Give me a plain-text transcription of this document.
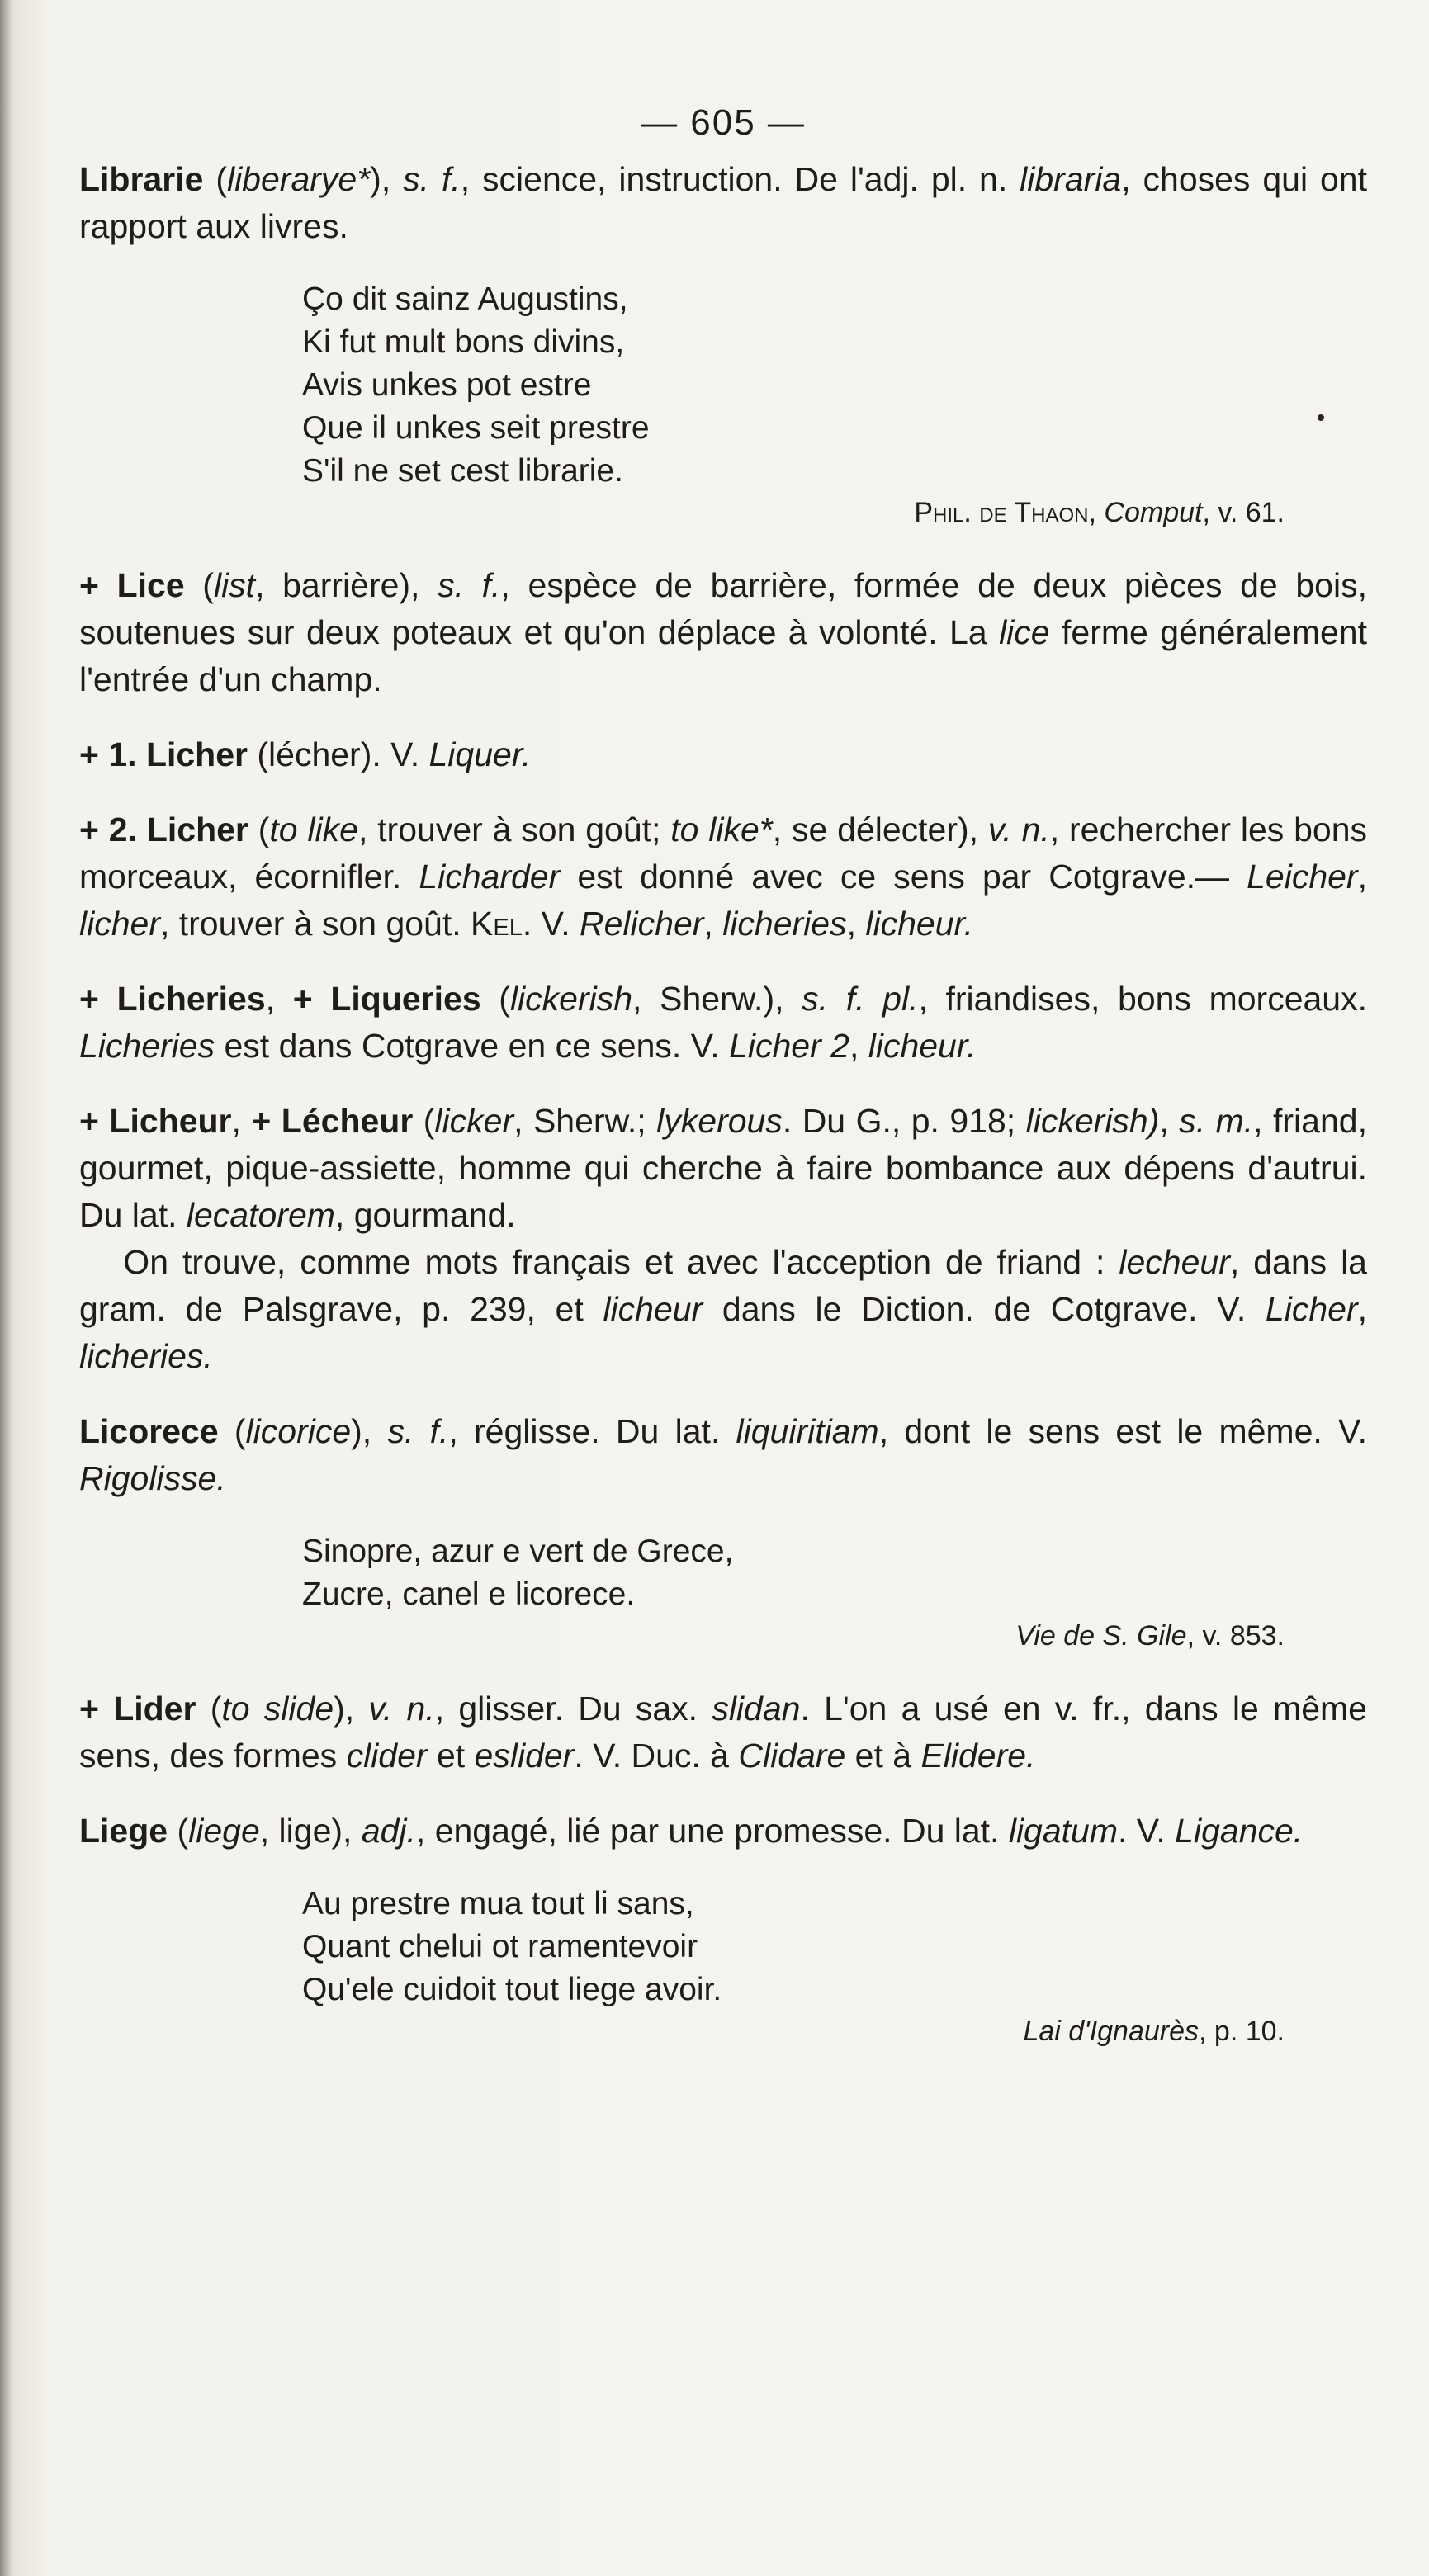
— 605 —

Librarie (liberarye*), s. f., science, instruction. De l'adj. pl. n. libraria, choses qui ont rapport aux livres.

Ço dit sainz Augustins,
Ki fut mult bons divins,
Avis unkes pot estre
Que il unkes seit prestre
S'il ne set cest librarie.
Phil. de Thaon, Comput, v. 61.

+ Lice (list, barrière), s. f., espèce de barrière, formée de deux pièces de bois, soutenues sur deux poteaux et qu'on déplace à volonté. La lice ferme généralement l'entrée d'un champ.

+ 1. Licher (lécher). V. Liquer.

+ 2. Licher (to like, trouver à son goût; to like*, se délecter), v. n., rechercher les bons morceaux, écornifler. Licharder est donné avec ce sens par Cotgrave.— Leicher, licher, trouver à son goût. Kel. V. Relicher, licheries, licheur.

+ Licheries, + Liqueries (lickerish, Sherw.), s. f. pl., friandises, bons morceaux. Licheries est dans Cotgrave en ce sens. V. Licher 2, licheur.

+ Licheur, + Lécheur (licker, Sherw.; lykerous. Du G., p. 918; lickerish), s. m., friand, gourmet, pique-assiette, homme qui cherche à faire bombance aux dépens d'autrui. Du lat. lecatorem, gourmand.

On trouve, comme mots français et avec l'acception de friand : lecheur, dans la gram. de Palsgrave, p. 239, et licheur dans le Diction. de Cotgrave. V. Licher, licheries.

Licorece (licorice), s. f., réglisse. Du lat. liquiritiam, dont le sens est le même. V. Rigolisse.

Sinopre, azur e vert de Grece,
Zucre, canel e licorece.
Vie de S. Gile, v. 853.

+ Lider (to slide), v. n., glisser. Du sax. slidan. L'on a usé en v. fr., dans le même sens, des formes clider et eslider. V. Duc. à Clidare et à Elidere.

Liege (liege, lige), adj., engagé, lié par une promesse. Du lat. ligatum. V. Ligance.

Au prestre mua tout li sans,
Quant chelui ot ramentevoir
Qu'ele cuidoit tout liege avoir.
Lai d'Ignaurès, p. 10.
